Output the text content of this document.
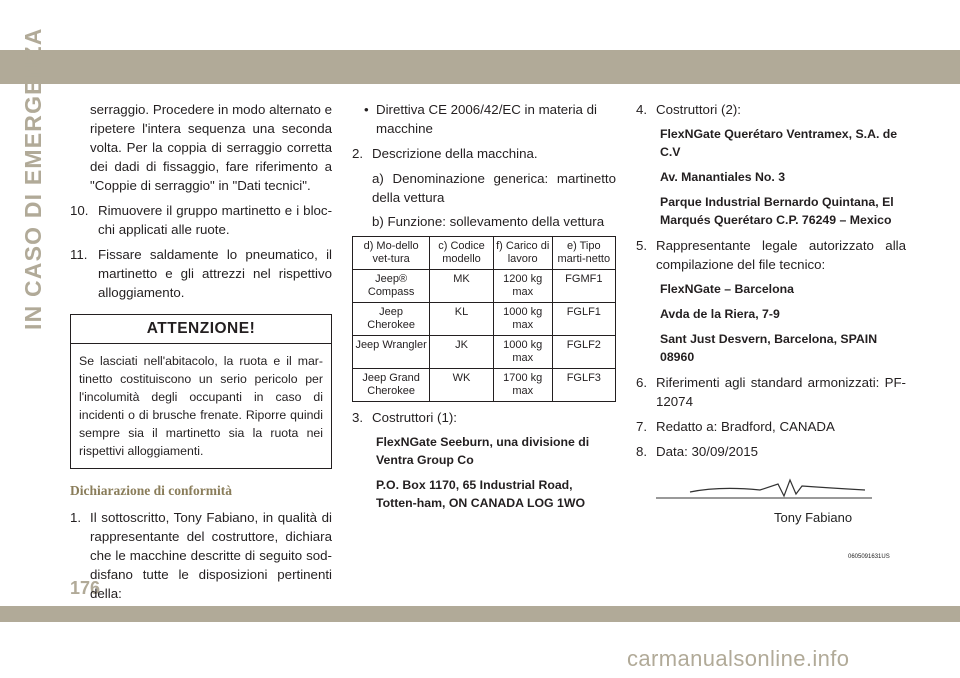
IN CASO DI EMERGENZA
176
carmanualsonline.info

serraggio. Procedere in modo alternato e ripetere l'intera sequenza una seconda volta. Per la coppia di serraggio corretta dei dadi di fissaggio, fare riferimento a "Coppie di serraggio" in "Dati tecnici".

10. Rimuovere il gruppo martinetto e i bloc-chi applicati alle ruote.
11. Fissare saldamente lo pneumatico, il martinetto e gli attrezzi nel rispettivo alloggiamento.
ATTENZIONE!
Se lasciati nell'abitacolo, la ruota e il mar-tinetto costituiscono un serio pericolo per l'incolumità degli occupanti in caso di incidenti o di brusche frenate. Riporre quindi sempre sia il martinetto sia la ruota nei rispettivi alloggiamenti.
Dichiarazione di conformità
1. Il sottoscritto, Tony Fabiano, in qualità di rappresentante del costruttore, dichiara che le macchine descritte di seguito sod-disfano tutte le disposizioni pertinenti della:
• Direttiva CE 2006/42/EC in materia di macchine
2. Descrizione della macchina.

a) Denominazione generica: martinetto della vettura

b) Funzione: sollevamento della vettura

d) Mo-dello vet-tura	c) Codice modello	f) Carico di lavoro	e) Tipo marti-netto
Jeep® Compass	MK	1200 kg max	FGMF1
Jeep Cherokee	KL	1000 kg max	FGLF1
Jeep Wrangler	JK	1000 kg max	FGLF2
Jeep Grand Cherokee	WK	1700 kg max	FGLF3
3. Costruttori (1):

FlexNGate Seeburn, una divisione di Ventra Group Co

P.O. Box 1170, 65 Industrial Road, Totten-ham, ON CANADA LOG 1WO

4. Costruttori (2):

FlexNGate Querétaro Ventramex, S.A. de C.V

Av. Manantiales No. 3

Parque Industrial Bernardo Quintana, El Marqués Querétaro C.P. 76249 – Mexico

5. Rappresentante legale autorizzato alla compilazione del file tecnico:

FlexNGate – Barcelona

Avda de la Riera, 7-9

Sant Just Desvern, Barcelona, SPAIN 08960

6. Riferimenti agli standard armonizzati: PF-12074
7. Redatto a: Bradford, CANADA
8. Data: 30/09/2015
Tony Fabiano
0605091631US
